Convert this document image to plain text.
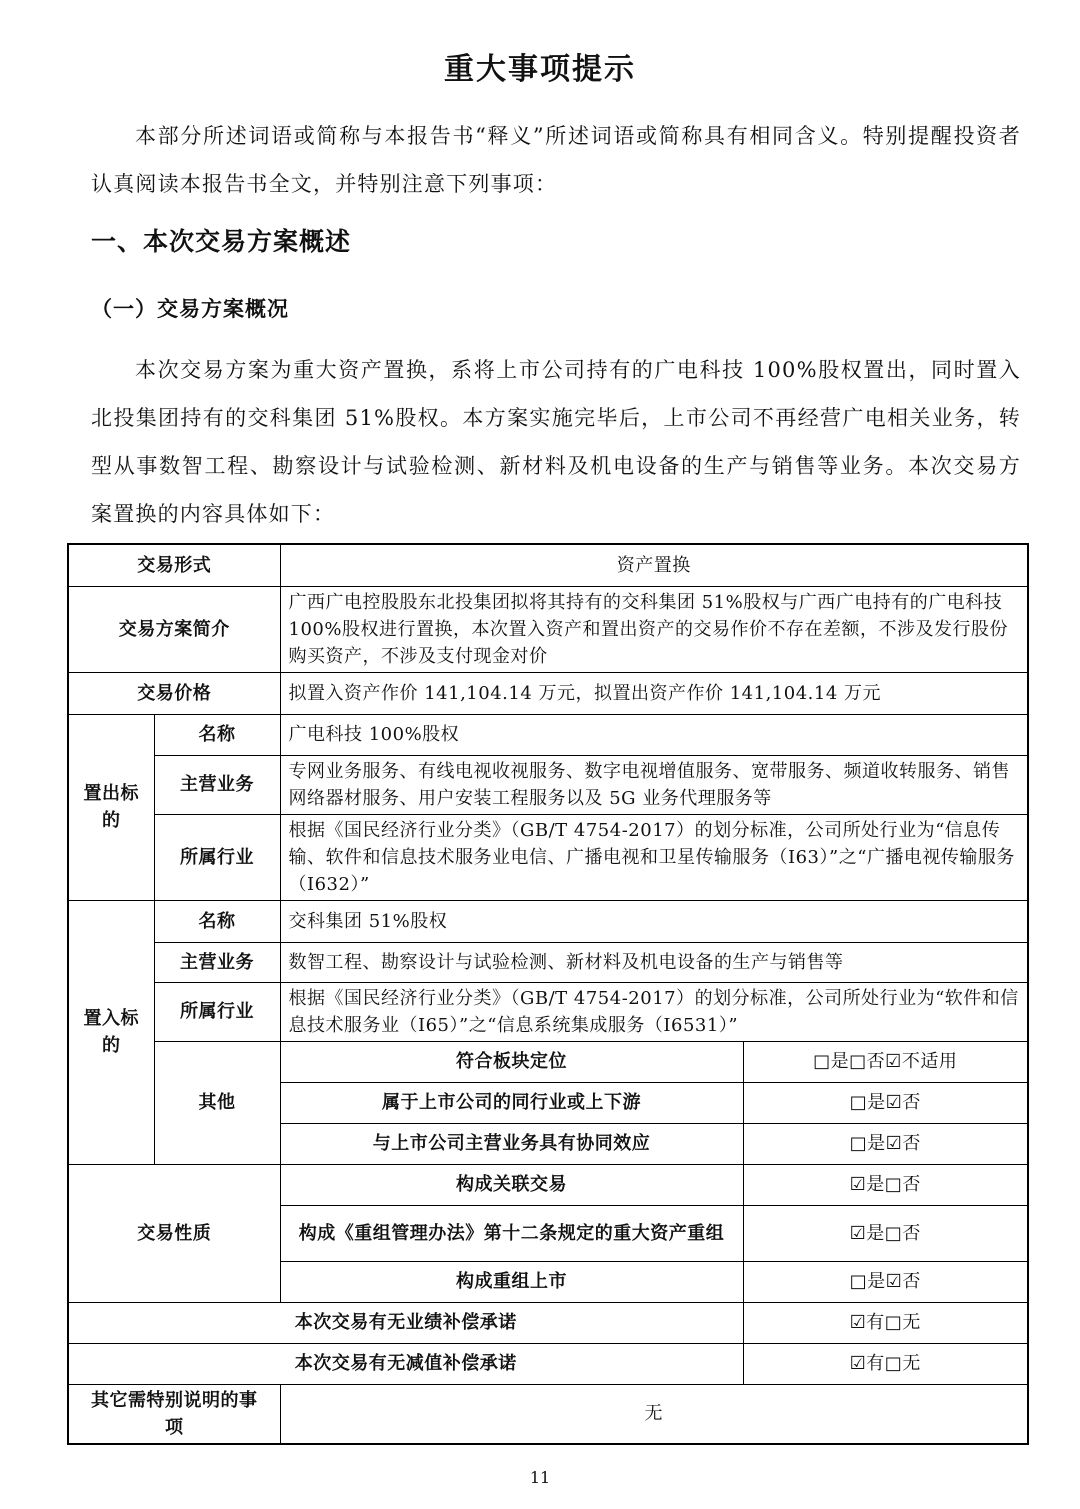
重大事项提示
本部分所述词语或简称与本报告书“释义”所述词语或简称具有相同含义。特别提醒投资者认真阅读本报告书全文，并特别注意下列事项：
一、本次交易方案概述
（一）交易方案概况
本次交易方案为重大资产置换，系将上市公司持有的广电科技 100%股权置出，同时置入北投集团持有的交科集团 51%股权。本方案实施完毕后，上市公司不再经营广电相关业务，转型从事数智工程、勘察设计与试验检测、新材料及机电设备的生产与销售等业务。本次交易方案置换的内容具体如下：
交易形式		资产置换	
交易方案简介		广西广电控股股东北投集团拟将其持有的交科集团 51%股权与广西广电持有的广电科技 100%股权进行置换，本次置入资产和置出资产的交易作价不存在差额，不涉及发行股份购买资产，不涉及支付现金对价	
交易价格		拟置入资产作价 141,104.14 万元，拟置出资产作价 141,104.14 万元	
置出标的	名称	广电科技 100%股权	
	主营业务	专网业务服务、有线电视收视服务、数字电视增值服务、宽带服务、频道收转服务、销售网络器材服务、用户安装工程服务以及 5G 业务代理服务等	
	所属行业	根据《国民经济行业分类》（GB/T 4754-2017）的划分标准，公司所处行业为“信息传输、软件和信息技术服务业电信、广播电视和卫星传输服务（I63）”之“广播电视传输服务（I632）”	
置入标的	名称	交科集团 51%股权	
	主营业务	数智工程、勘察设计与试验检测、新材料及机电设备的生产与销售等	
	所属行业	根据《国民经济行业分类》（GB/T 4754-2017）的划分标准，公司所处行业为“软件和信息技术服务业（I65）”之“信息系统集成服务（I6531）”	
	其他	符合板块定位	□是□否☑不适用
		属于上市公司的同行业或上下游	□是☑否
		与上市公司主营业务具有协同效应	□是☑否
交易性质		构成关联交易	☑是□否
		构成《重组管理办法》第十二条规定的重大资产重组	☑是□否
		构成重组上市	□是☑否
本次交易有无业绩补偿承诺			☑有□无
本次交易有无减值补偿承诺			☑有□无
其它需特别说明的事项		无	
11
